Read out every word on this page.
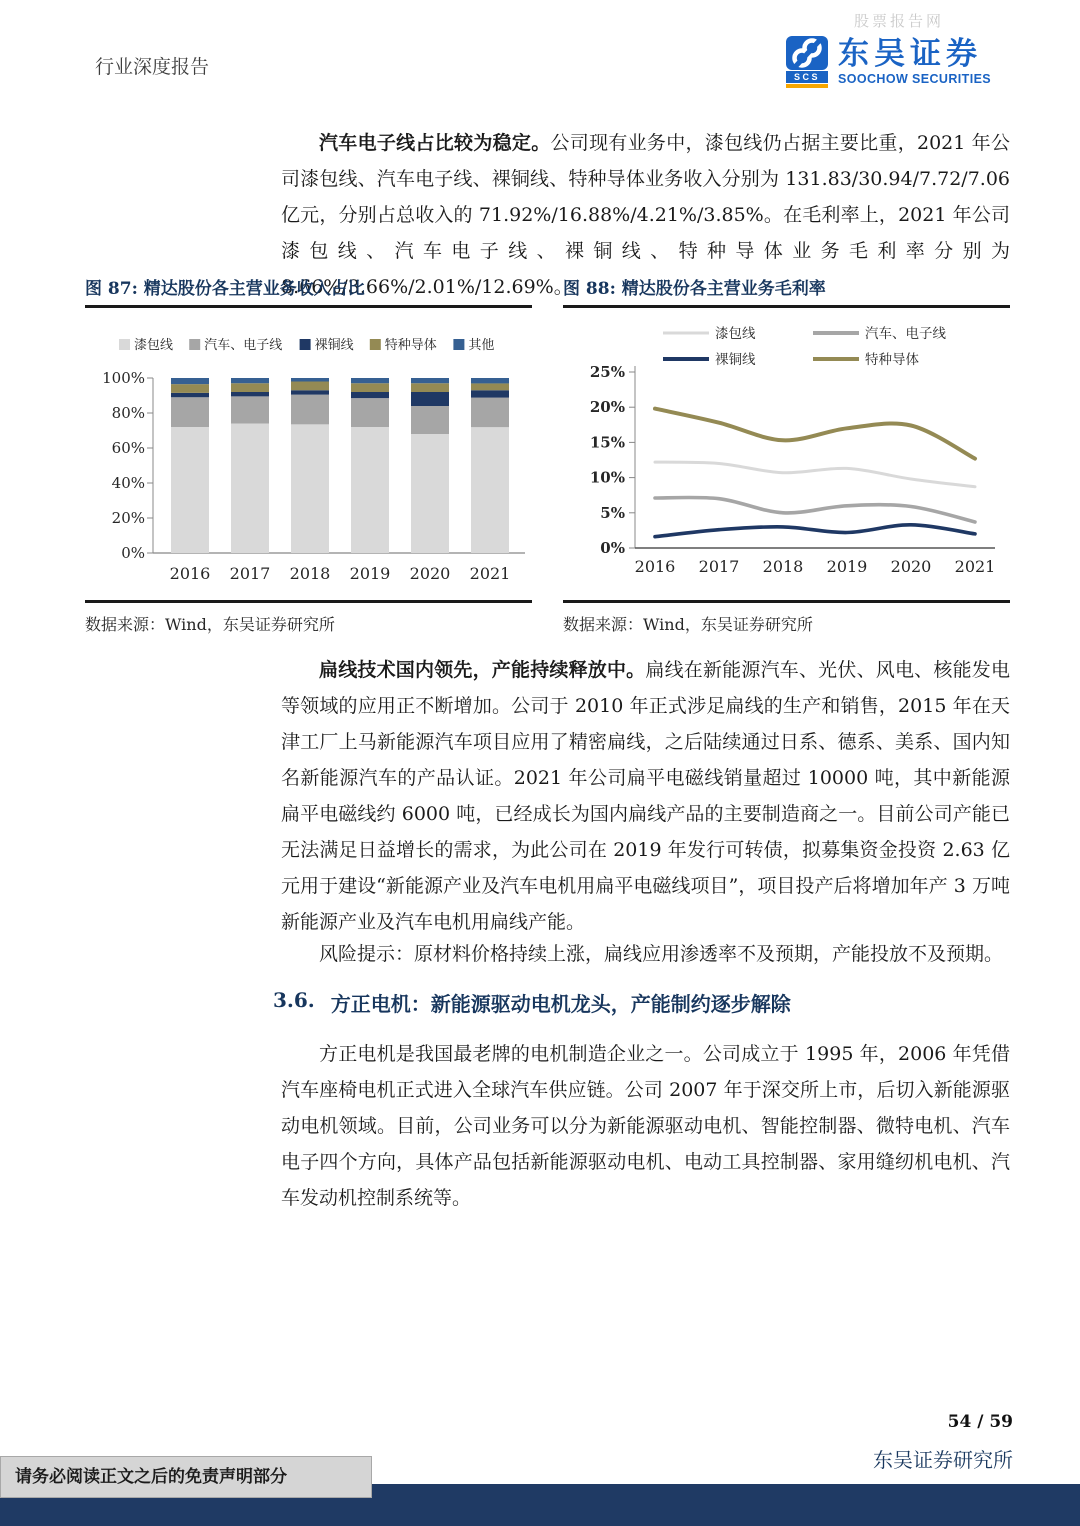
股票报告网
行业深度报告	SCS
东吴证券
SOOCHOW SECURITIES

汽车电子线占比较为稳定。公司现有业务中，漆包线仍占据主要比重，2021 年公司漆包线、汽车电子线、裸铜线、特种导体业务收入分别为 131.83/30.94/7.72/7.06 亿元，分别占总收入的 71.92%/16.88%/4.21%/3.85%。在毛利率上，2021 年公司漆包线、汽车电子线、裸铜线、特种导体业务毛利率分别为 8.66%/3.66%/2.01%/12.69%。

图 87: 精达股份各主营业务收入占比
漆包线 汽车、电子线 裸铜线 特种导体 其他
0%
20%
40%
60%
80%
100%
2016 2017 2018 2019 2020 2021
数据来源：Wind，东吴证券研究所
图 88: 精达股份各主营业务毛利率
漆包线	汽车、电子线
裸铜线	特种导体
0%
5%
10%
15%
20%
25%
2016 2017 2018 2019 2020 2021
数据来源：Wind，东吴证券研究所

扁线技术国内领先，产能持续释放中。扁线在新能源汽车、光伏、风电、核能发电等领域的应用正不断增加。公司于 2010 年正式涉足扁线的生产和销售，2015 年在天津工厂上马新能源汽车项目应用了精密扁线，之后陆续通过日系、德系、美系、国内知名新能源汽车的产品认证。2021 年公司扁平电磁线销量超过 10000 吨，其中新能源扁平电磁线约 6000 吨，已经成长为国内扁线产品的主要制造商之一。目前公司产能已无法满足日益增长的需求，为此公司在 2019 年发行可转债，拟募集资金投资 2.63 亿元用于建设“新能源产业及汽车电机用扁平电磁线项目”，项目投产后将增加年产 3 万吨新能源产业及汽车电机用扁线产能。

风险提示：原材料价格持续上涨，扁线应用渗透率不及预期，产能投放不及预期。

3.6. 方正电机：新能源驱动电机龙头，产能制约逐步解除

方正电机是我国最老牌的电机制造企业之一。公司成立于 1995 年，2006 年凭借汽车座椅电机正式进入全球汽车供应链。公司 2007 年于深交所上市，后切入新能源驱动电机领域。目前，公司业务可以分为新能源驱动电机、智能控制器、微特电机、汽车电子四个方向，具体产品包括新能源驱动电机、电动工具控制器、家用缝纫机电机、汽车发动机控制系统等。

54 / 59
东吴证券研究所
请务必阅读正文之后的免责声明部分
